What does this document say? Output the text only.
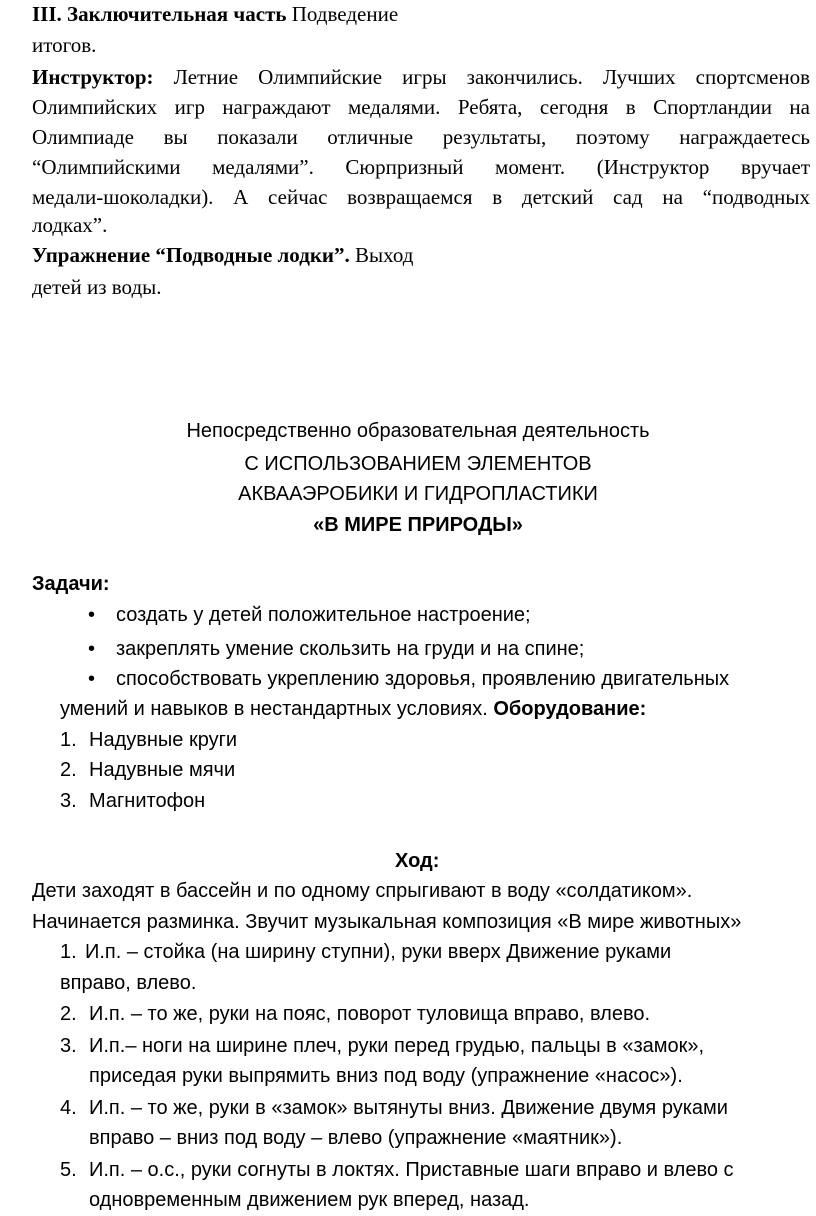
III. Заключительная часть Подведение
итогов.
Инструктор: Летние Олимпийские игры закончились. Лучших спортсменов
Олимпийских игр награждают медалями. Ребята, сегодня в Спортландии на
Олимпиаде вы показали отличные результаты, поэтому награждаетесь
“Олимпийскими медалями”. Сюрпризный момент. (Инструктор вручает
медали-шоколадки). А сейчас возвращаемся в детский сад на “подводных
лодках”.
Упражнение “Подводные лодки”. Выход
детей из воды.
Непосредственно образовательная деятельность
С ИСПОЛЬЗОВАНИЕМ ЭЛЕМЕНТОВ
АКВААЭРОБИКИ И ГИДРОПЛАСТИКИ
«В МИРЕ ПРИРОДЫ»
Задачи:
• создать у детей положительное настроение;
• закреплять умение скользить на груди и на спине;
• способствовать укреплению здоровья, проявлению двигательных
умений и навыков в нестандартных условиях. Оборудование:
1. Надувные круги
2. Надувные мячи
3. Магнитофон
Ход:
Дети заходят в бассейн и по одному спрыгивают в воду «солдатиком».
Начинается разминка. Звучит музыкальная композиция «В мире животных»
1. И.п. – стойка (на ширину ступни), руки вверх Движение руками
вправо, влево.
2. И.п. – то же, руки на пояс, поворот туловища вправо, влево.
3. И.п.– ноги на ширине плеч, руки перед грудью, пальцы в «замок»,
приседая руки выпрямить вниз под воду (упражнение «насос»).
4. И.п. – то же, руки в «замок» вытянуты вниз. Движение двумя руками
вправо – вниз под воду – влево (упражнение «маятник»).
5. И.п. – о.с., руки согнуты в локтях. Приставные шаги вправо и влево с
одновременным движением рук вперед, назад.
